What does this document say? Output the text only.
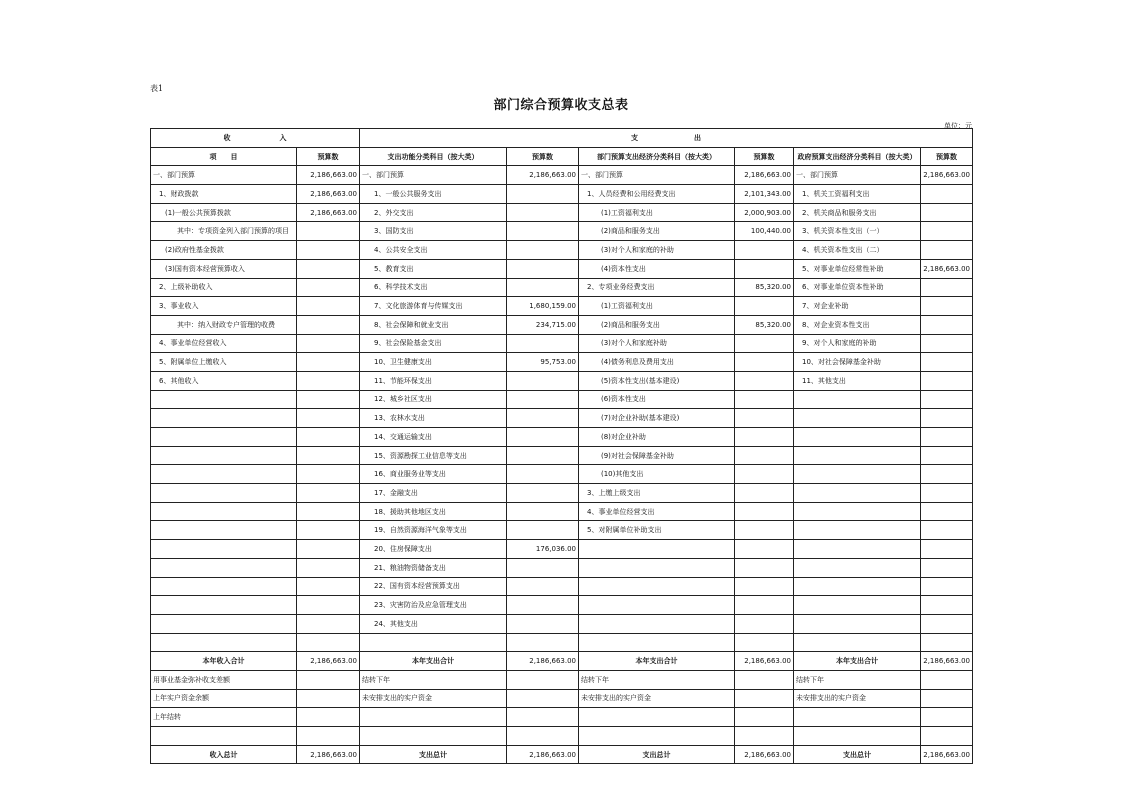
表1
部门综合预算收支总表
单位：元
收　　　　　　　入		支　　　　　　　　出					
项　　目	预算数	支出功能分类科目（按大类）	预算数	部门预算支出经济分类科目（按大类）	预算数	政府预算支出经济分类科目（按大类）	预算数
一、部门预算	2,186,663.00	一、部门预算	2,186,663.00	一、部门预算	2,186,663.00	一、部门预算	2,186,663.00
1、财政拨款	2,186,663.00	1、一般公共服务支出		1、人员经费和公用经费支出	2,101,343.00	1、机关工资福利支出	
(1)一般公共预算拨款	2,186,663.00	2、外交支出		(1)工资福利支出	2,000,903.00	2、机关商品和服务支出	
其中：专项资金列入部门预算的项目		3、国防支出		(2)商品和服务支出	100,440.00	3、机关资本性支出（一）	
(2)政府性基金拨款		4、公共安全支出		(3)对个人和家庭的补助		4、机关资本性支出（二）	
(3)国有资本经营预算收入		5、教育支出		(4)资本性支出		5、对事业单位经常性补助	2,186,663.00
2、上级补助收入		6、科学技术支出		2、专项业务经费支出	85,320.00	6、对事业单位资本性补助	
3、事业收入		7、文化旅游体育与传媒支出	1,680,159.00	(1)工资福利支出		7、对企业补助	
其中：纳入财政专户管理的收费		8、社会保障和就业支出	234,715.00	(2)商品和服务支出	85,320.00	8、对企业资本性支出	
4、事业单位经营收入		9、社会保险基金支出		(3)对个人和家庭补助		9、对个人和家庭的补助	
5、附属单位上缴收入		10、卫生健康支出	95,753.00	(4)债务利息及费用支出		10、对社会保障基金补助	
6、其他收入		11、节能环保支出		(5)资本性支出(基本建设)		11、其他支出	
		12、城乡社区支出		(6)资本性支出			
		13、农林水支出		(7)对企业补助(基本建设)			
		14、交通运输支出		(8)对企业补助			
		15、资源勘探工业信息等支出		(9)对社会保障基金补助			
		16、商业服务业等支出		(10)其他支出			
		17、金融支出		3、上缴上级支出			
		18、援助其他地区支出		4、事业单位经营支出			
		19、自然资源海洋气象等支出		5、对附属单位补助支出			
		20、住房保障支出	176,036.00				
		21、粮油物资储备支出					
		22、国有资本经营预算支出					
		23、灾害防治及应急管理支出					
		24、其他支出					

本年收入合计	2,186,663.00	本年支出合计	2,186,663.00	本年支出合计	2,186,663.00	本年支出合计	2,186,663.00
用事业基金弥补收支差额		结转下年		结转下年		结转下年	
上年实户资金余额		未安排支出的实户资金		未安排支出的实户资金		未安排支出的实户资金	
上年结转							

收入总计	2,186,663.00	支出总计	2,186,663.00	支出总计	2,186,663.00	支出总计	2,186,663.00
